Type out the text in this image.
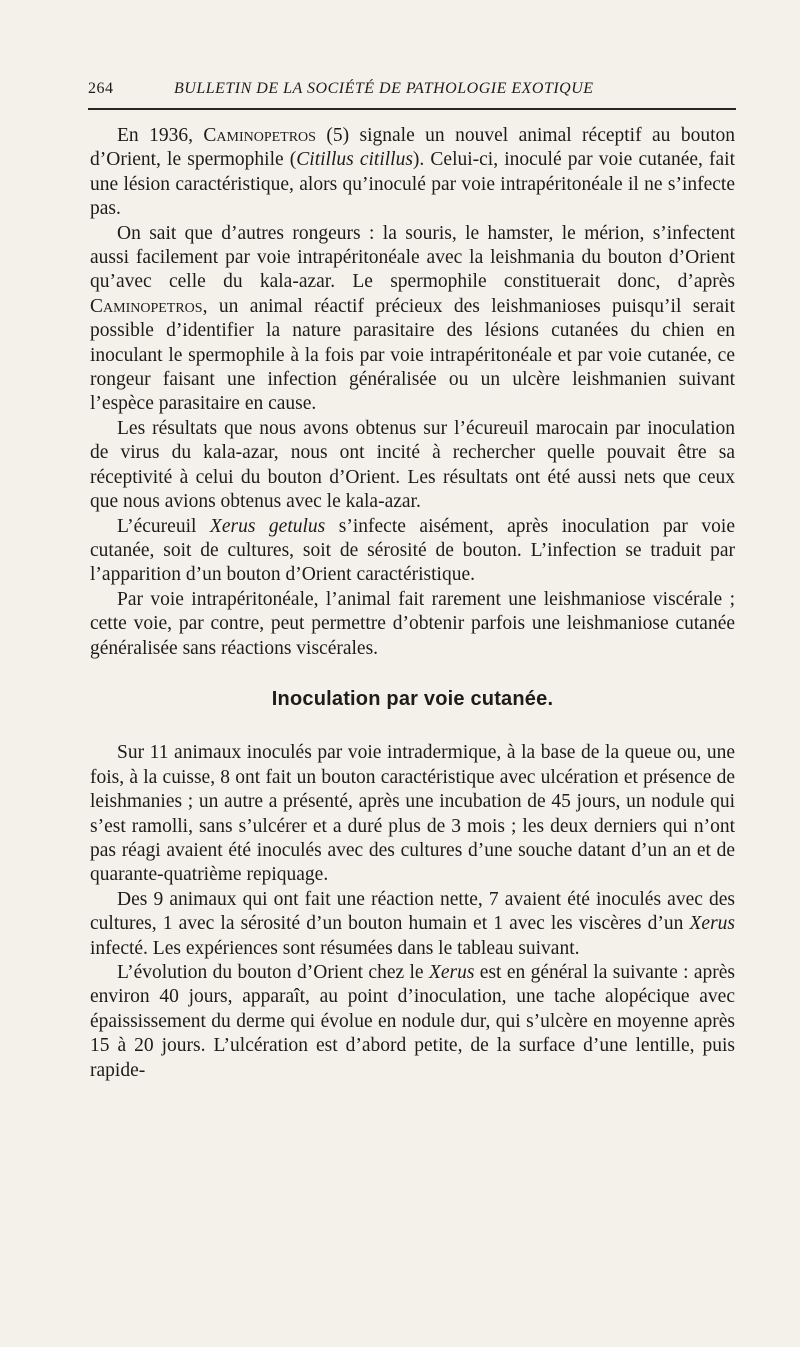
264	BULLETIN DE LA SOCIÉTÉ DE PATHOLOGIE EXOTIQUE

En 1936, Caminopetros (5) signale un nouvel animal réceptif au bouton d’Orient, le spermophile (Citillus citillus). Celui-ci, inoculé par voie cutanée, fait une lésion caractéristique, alors qu’inoculé par voie intrapéritonéale il ne s’infecte pas.

On sait que d’autres rongeurs : la souris, le hamster, le mérion, s’infectent aussi facilement par voie intrapéritonéale avec la leishmania du bouton d’Orient qu’avec celle du kala-azar. Le spermophile constituerait donc, d’après Caminopetros, un animal réactif précieux des leishmanioses puisqu’il serait possible d’identifier la nature parasitaire des lésions cutanées du chien en inoculant le spermophile à la fois par voie intrapéritonéale et par voie cutanée, ce rongeur faisant une infection généralisée ou un ulcère leishmanien suivant l’espèce parasitaire en cause.

Les résultats que nous avons obtenus sur l’écureuil marocain par inoculation de virus du kala-azar, nous ont incité à rechercher quelle pouvait être sa réceptivité à celui du bouton d’Orient. Les résultats ont été aussi nets que ceux que nous avions obtenus avec le kala-azar.

L’écureuil Xerus getulus s’infecte aisément, après inoculation par voie cutanée, soit de cultures, soit de sérosité de bouton. L’infection se traduit par l’apparition d’un bouton d’Orient caractéristique.

Par voie intrapéritonéale, l’animal fait rarement une leishmaniose viscérale ; cette voie, par contre, peut permettre d’obtenir parfois une leishmaniose cutanée généralisée sans réactions viscérales.

Inoculation par voie cutanée.

Sur 11 animaux inoculés par voie intradermique, à la base de la queue ou, une fois, à la cuisse, 8 ont fait un bouton caractéristique avec ulcération et présence de leishmanies ; un autre a présenté, après une incubation de 45 jours, un nodule qui s’est ramolli, sans s’ulcérer et a duré plus de 3 mois ; les deux derniers qui n’ont pas réagi avaient été inoculés avec des cultures d’une souche datant d’un an et de quarante-quatrième repiquage.

Des 9 animaux qui ont fait une réaction nette, 7 avaient été inoculés avec des cultures, 1 avec la sérosité d’un bouton humain et 1 avec les viscères d’un Xerus infecté. Les expériences sont résumées dans le tableau suivant.

L’évolution du bouton d’Orient chez le Xerus est en général la suivante : après environ 40 jours, apparaît, au point d’inoculation, une tache alopécique avec épaississement du derme qui évolue en nodule dur, qui s’ulcère en moyenne après 15 à 20 jours. L’ulcération est d’abord petite, de la surface d’une lentille, puis rapide-
